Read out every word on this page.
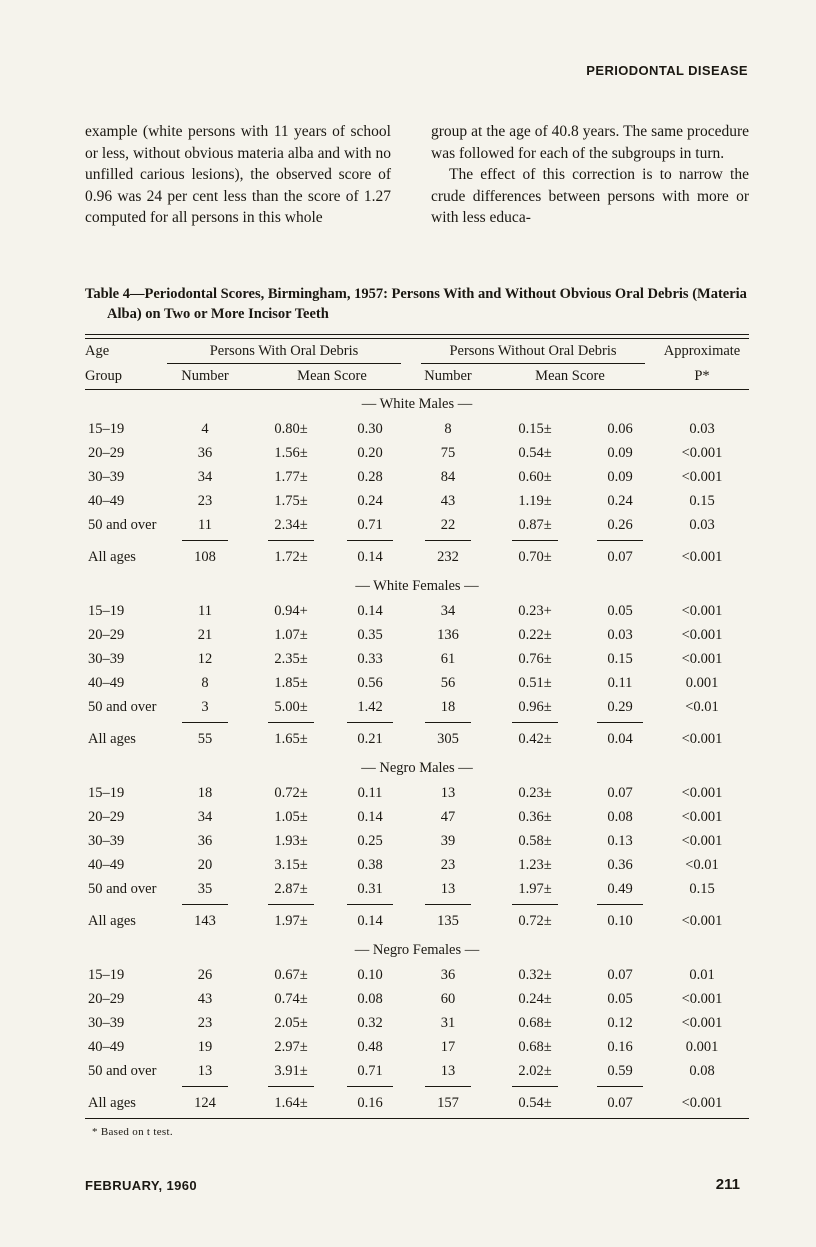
PERIODONTAL DISEASE

example (white persons with 11 years of school or less, without obvious materia alba and with no unfilled carious lesions), the observed score of 0.96 was 24 per cent less than the score of 1.27 computed for all persons in this whole

group at the age of 40.8 years. The same procedure was followed for each of the subgroups in turn.

The effect of this correction is to narrow the crude differences between persons with more or with less educa-

Table 4—Periodontal Scores, Birmingham, 1957: Persons With and Without Obvious Oral Debris (Materia Alba) on Two or More Incisor Teeth

Age	Persons With Oral Debris	Persons Without Oral Debris	Approximate
Group	Number	Mean Score	Number	Mean Score	P*
— White Males —
15–19	4	0.80±	0.30	8	0.15±	0.06	0.03
20–29	36	1.56±	0.20	75	0.54±	0.09	<0.001
30–39	34	1.77±	0.28	84	0.60±	0.09	<0.001
40–49	23	1.75±	0.24	43	1.19±	0.24	0.15
50 and over	11	2.34±	0.71	22	0.87±	0.26	0.03
All ages	108	1.72±	0.14	232	0.70±	0.07	<0.001
— White Females —
15–19	11	0.94+	0.14	34	0.23+	0.05	<0.001
20–29	21	1.07±	0.35	136	0.22±	0.03	<0.001
30–39	12	2.35±	0.33	61	0.76±	0.15	<0.001
40–49	8	1.85±	0.56	56	0.51±	0.11	0.001
50 and over	3	5.00±	1.42	18	0.96±	0.29	<0.01
All ages	55	1.65±	0.21	305	0.42±	0.04	<0.001
— Negro Males —
15–19	18	0.72±	0.11	13	0.23±	0.07	<0.001
20–29	34	1.05±	0.14	47	0.36±	0.08	<0.001
30–39	36	1.93±	0.25	39	0.58±	0.13	<0.001
40–49	20	3.15±	0.38	23	1.23±	0.36	<0.01
50 and over	35	2.87±	0.31	13	1.97±	0.49	0.15
All ages	143	1.97±	0.14	135	0.72±	0.10	<0.001
— Negro Females —
15–19	26	0.67±	0.10	36	0.32±	0.07	0.01
20–29	43	0.74±	0.08	60	0.24±	0.05	<0.001
30–39	23	2.05±	0.32	31	0.68±	0.12	<0.001
40–49	19	2.97±	0.48	17	0.68±	0.16	0.001
50 and over	13	3.91±	0.71	13	2.02±	0.59	0.08
All ages	124	1.64±	0.16	157	0.54±	0.07	<0.001
* Based on t test.
FEBRUARY, 1960	211
